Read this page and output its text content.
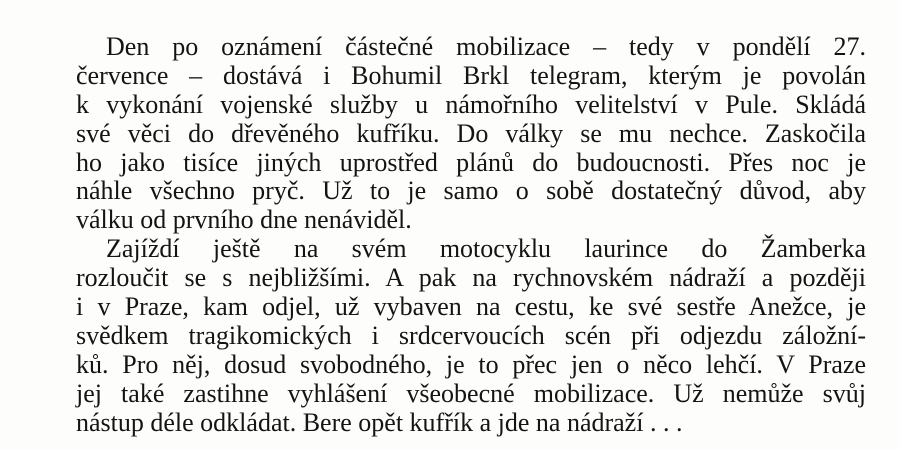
Den po oznámení částečné mobilizace – tedy v pondělí 27.
července – dostává i Bohumil Brkl telegram, kterým je povolán
k vykonání vojenské služby u námořního velitelství v Pule. Skládá
své věci do dřevěného kufříku. Do války se mu nechce. Zaskočila
ho jako tisíce jiných uprostřed plánů do budoucnosti. Přes noc je
náhle všechno pryč. Už to je samo o sobě dostatečný důvod, aby
válku od prvního dne nenáviděl.
Zajíždí ještě na svém motocyklu laurince do Žamberka
rozloučit se s nejbližšími. A pak na rychnovském nádraží a později
i v Praze, kam odjel, už vybaven na cestu, ke své sestře Anežce, je
svědkem tragikomických i srdcervoucích scén při odjezdu záložní-
ků. Pro něj, dosud svobodného, je to přec jen o něco lehčí. V Praze
jej také zastihne vyhlášení všeobecné mobilizace. Už nemůže svůj
nástup déle odkládat. Bere opět kufřík a jde na nádraží . . .
